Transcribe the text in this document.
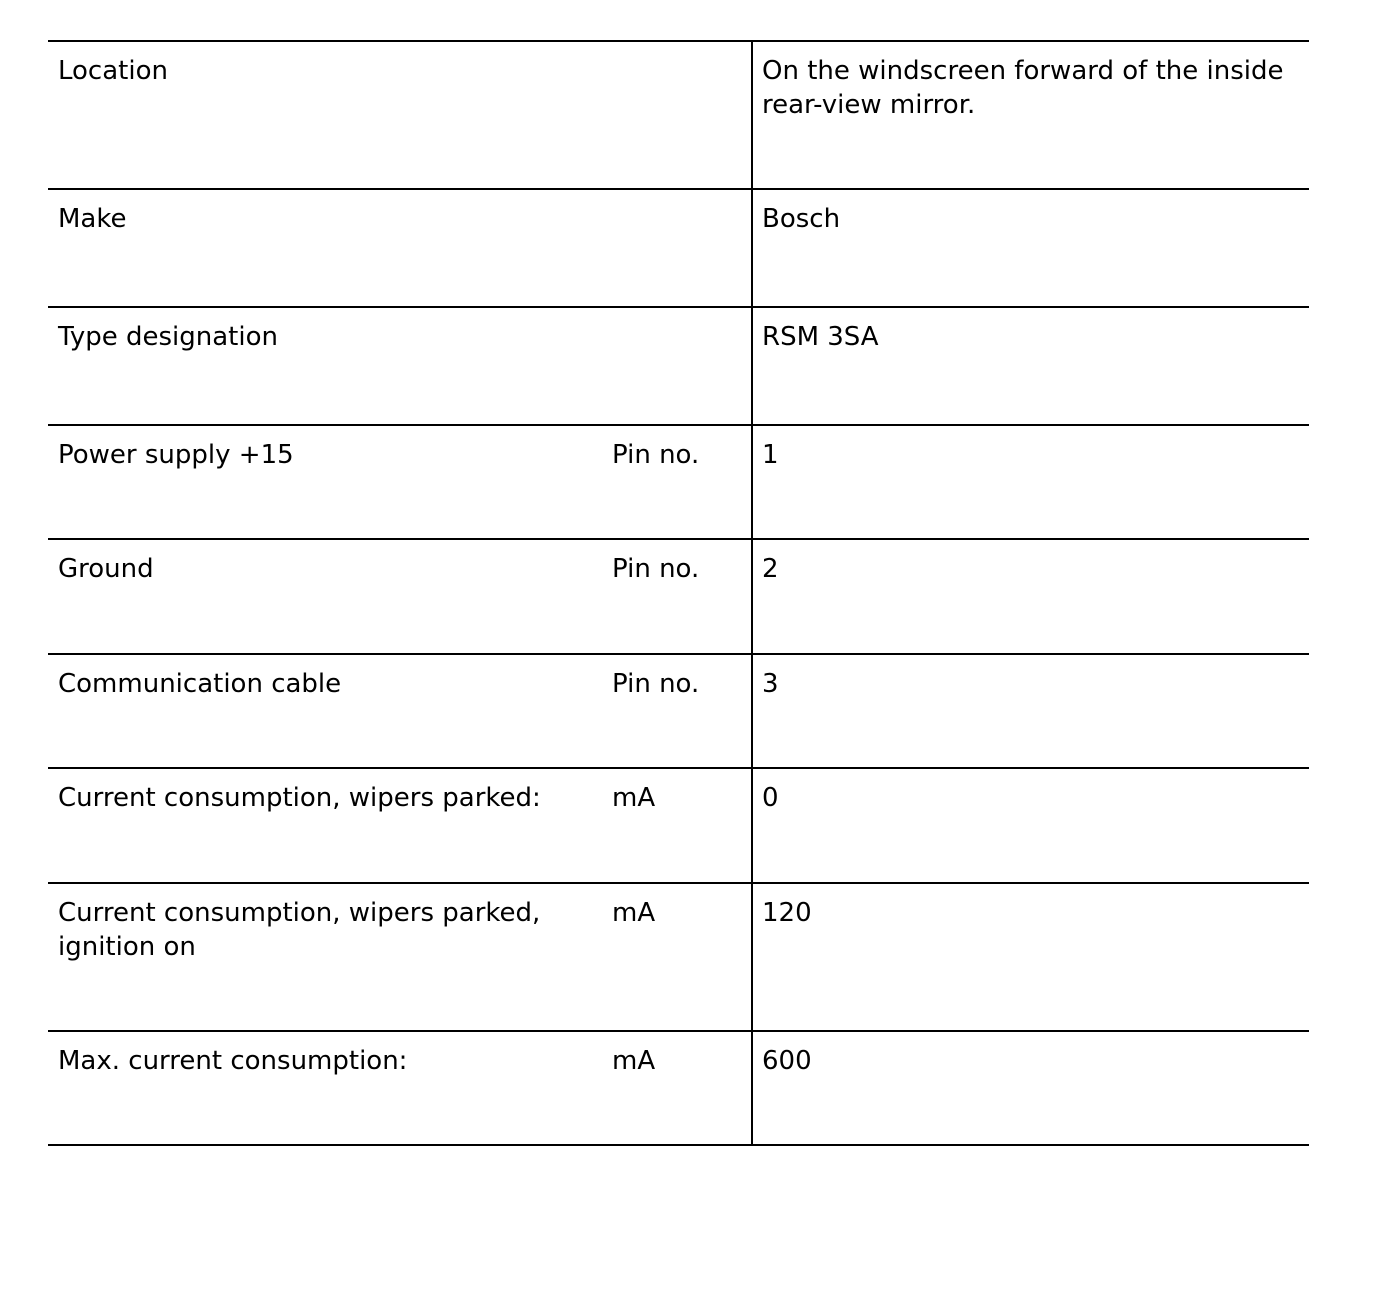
Location		On the windscreen forward of the inside rear-view mirror.
Make		Bosch
Type designation		RSM 3SA
Power supply +15	Pin no.	1
Ground	Pin no.	2
Communication cable	Pin no.	3
Current consumption, wipers parked:	mA	0
Current consumption, wipers parked, ignition on	mA	120
Max. current consumption:	mA	600
